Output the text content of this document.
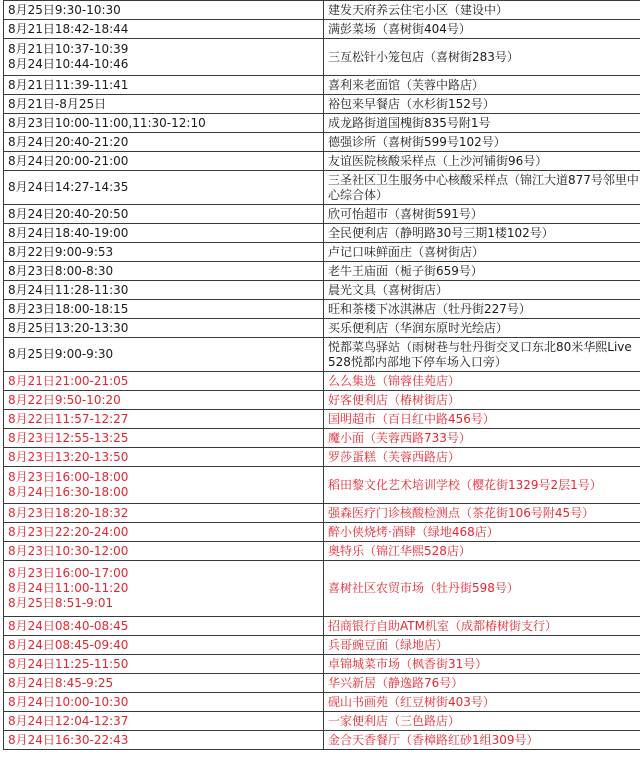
8月25日9:30-10:30	建发天府养云住宅小区（建设中）

8月21日18:42-18:44	满彭菜场（喜树街404号）

8月21日10:37-10:39
8月24日10:44-10:46	三亙松针小笼包店（喜树街283号）

8月21日11:39-11:41	喜利来老面馆（芙蓉中路店）

8月21日-8月25日	裕包来早餐店（水杉街152号）

8月23日10:00-11:00,11:30-12:10	成龙路街道国槐街835号附1号

8月24日20:40-21:20	德强诊所（喜树街599号102号）

8月24日20:00-21:00	友谊医院核酸采样点（上沙河铺街96号）

8月24日14:27-14:35	三圣社区卫生服务中心核酸采样点（锦江大道877号邻里中心综合体）

8月24日20:40-20:50	欣可怡超市（喜树街591号）

8月24日18:40-19:00	全民便利店（静明路30号三期1楼102号）

8月22日9:00-9:53	卢记口味鲜面庄（喜树街店）

8月23日8:00-8:30	老牛王庙面（栀子街659号）

8月24日11:28-11:30	晨光文具（喜树街店）

8月23日18:00-18:15	旺和茶楼下冰淇淋店（牡丹街227号）

8月25日13:20-13:30	买乐便利店（华润东原时光绘店）

8月25日9:00-9:30	悦都菜鸟驿站（雨树巷与牡丹街交叉口东北80米华熙Live528悦都内部地下停车场入口旁）

8月21日21:00-21:05	么么集选（锦蓉佳苑店）

8月22日9:50-10:20	好客便利店（椿树街店）

8月22日11:57-12:27	国明超市（百日红中路456号）

8月23日12:55-13:25	魔小面（芙蓉西路733号）

8月23日13:20-13:50	罗莎蛋糕（芙蓉西路店）

8月23日16:00-18:00
8月24日16:30-18:00	稻田黎文化艺术培训学校（樱花街1329号2层1号）

8月23日18:20-18:32	强森医疗门诊核酸检测点（茶花街106号附45号）

8月23日22:20-24:00	醉小侠烧烤·酒肆（绿地468店）

8月23日10:30-12:00	奥特乐（锦江华熙528店）

8月23日16:00-17:00
8月24日11:00-11:20
8月25日8:51-9:01	喜树社区农贸市场（牡丹街598号）

8月24日08:40-08:45	招商银行自助ATM机室（成都椿树街支行）

8月24日08:45-09:40	兵哥豌豆面（绿地店）

8月24日11:25-11:50	卓锦城菜市场（枫香街31号）

8月24日8:45-9:25	华兴新居（静逸路76号）

8月24日10:00-10:30	砚山书画苑（红豆树街403号）

8月24日12:04-12:37	一家便利店（三色路店）

8月24日16:30-22:43	金合天香餐厅（香樟路红砂1组309号）
